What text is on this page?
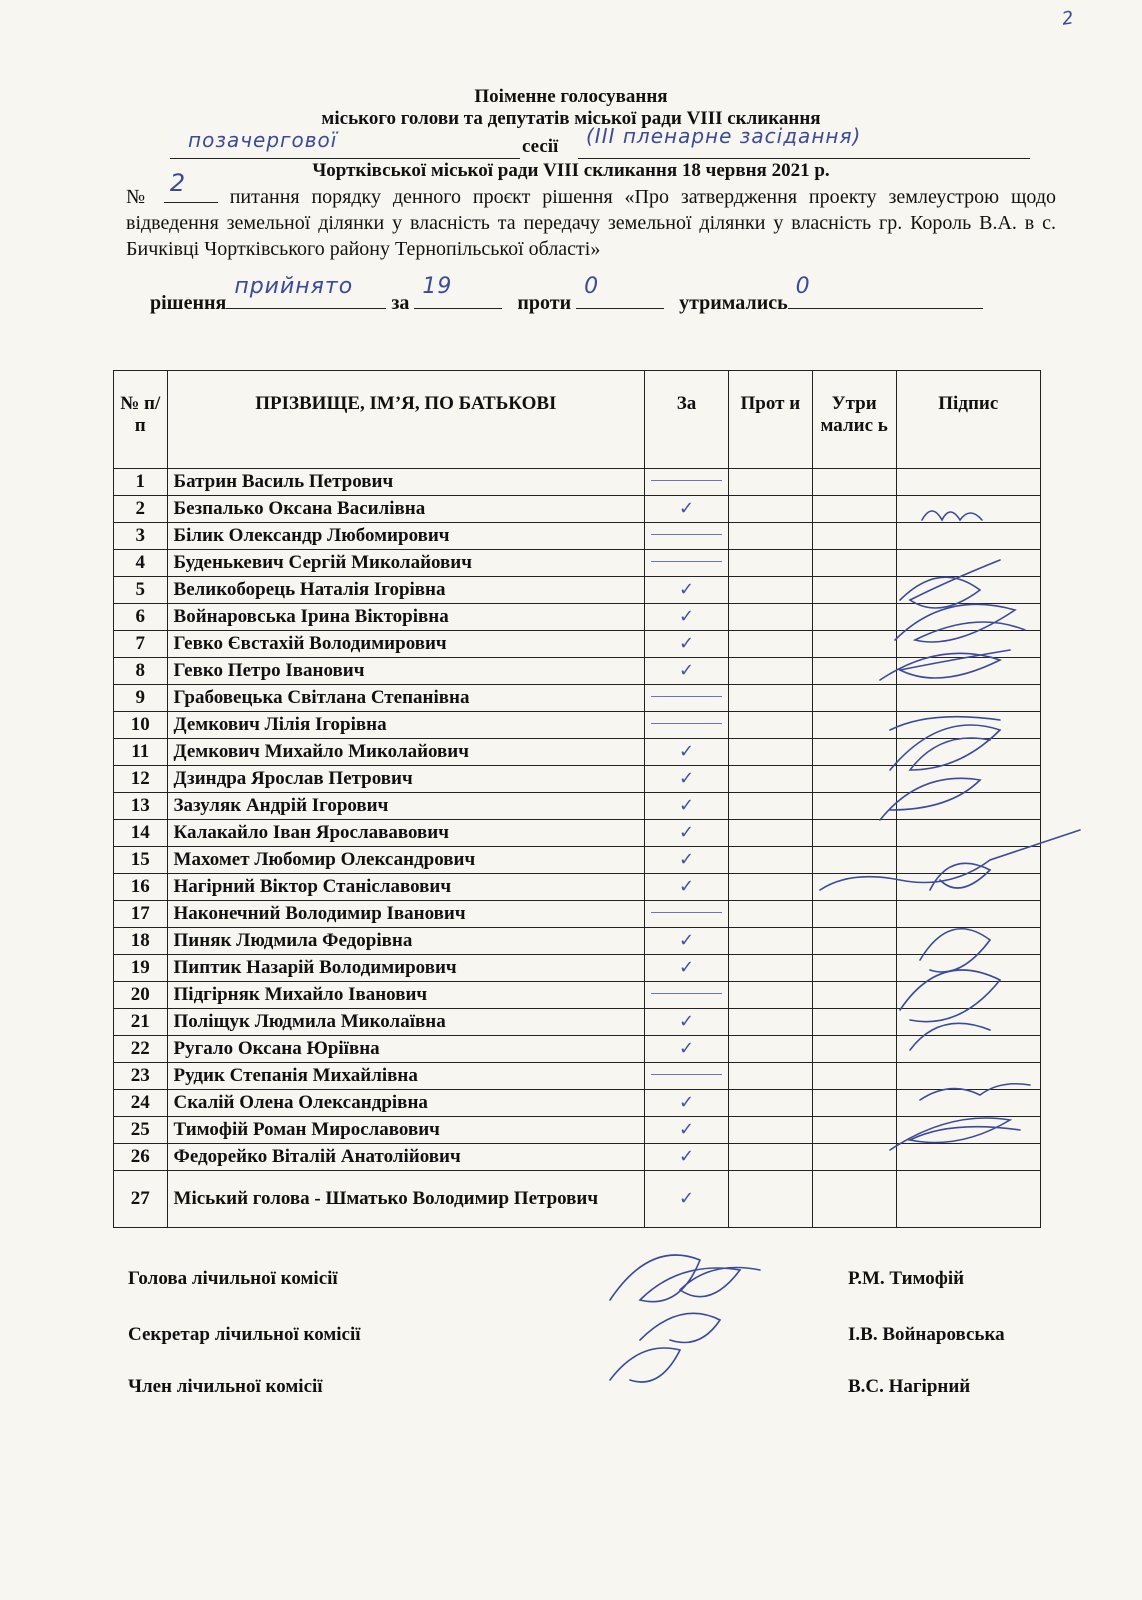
2
Поіменне голосування
міського голови та депутатів міської ради VIII скликання
позачергової	сесії (ІІІ пленарне засідання)
Чортківської міської ради VIII скликання 18 червня 2021 р.
№ 2 питання порядку денного проєкт рішення «Про затвердження проекту землеустрою щодо відведення земельної ділянки у власність та передачу земельної ділянки у власність гр. Король В.А. в с. Бичківці Чортківського району Тернопільської області»
рішення
прийнято
за
19
проти
0
утримались
0
№ п/п	ПРІЗВИЩЕ, ІМ’Я, ПО БАТЬКОВІ	За	Прот и	Утри малис ь	Підпис
1	Батрин Василь Петрович	

2	Безпалько Оксана Василівна	✓			
3	Білик Олександр Любомирович	

4	Буденькевич Сергій Миколайович	

5	Великоборець Наталія Ігорівна	✓			
6	Войнаровська Ірина Вікторівна	✓			
7	Гевко Євстахій Володимирович	✓			
8	Гевко Петро Іванович	✓			
9	Грабовецька Світлана Степанівна	

10	Демкович Лілія Ігорівна	

11	Демкович Михайло Миколайович	✓			
12	Дзиндра Ярослав Петрович	✓			
13	Зазуляк Андрій Ігорович	✓			
14	Калакайло Іван Ярослававович	✓			
15	Махомет Любомир Олександрович	✓			
16	Нагірний Віктор Станіславович	✓			
17	Наконечний Володимир Іванович	

18	Пиняк Людмила Федорівна	✓			
19	Пиптик Назарій Володимирович	✓			
20	Підгірняк Михайло Іванович	

21	Поліщук Людмила Миколаївна	✓			
22	Ругало Оксана Юріївна	✓			
23	Рудик Степанія Михайлівна	

24	Скалій Олена Олександрівна	✓			
25	Тимофій Роман Мирославович	✓			
26	Федорейко Віталій Анатолійович	✓			
27	Міський голова - Шматько Володимир Петрович	✓			
Голова лічильної комісії	Р.М. Тимофій
Секретар лічильної комісії	І.В. Войнаровська
Член лічильної комісії	В.С. Нагірний
